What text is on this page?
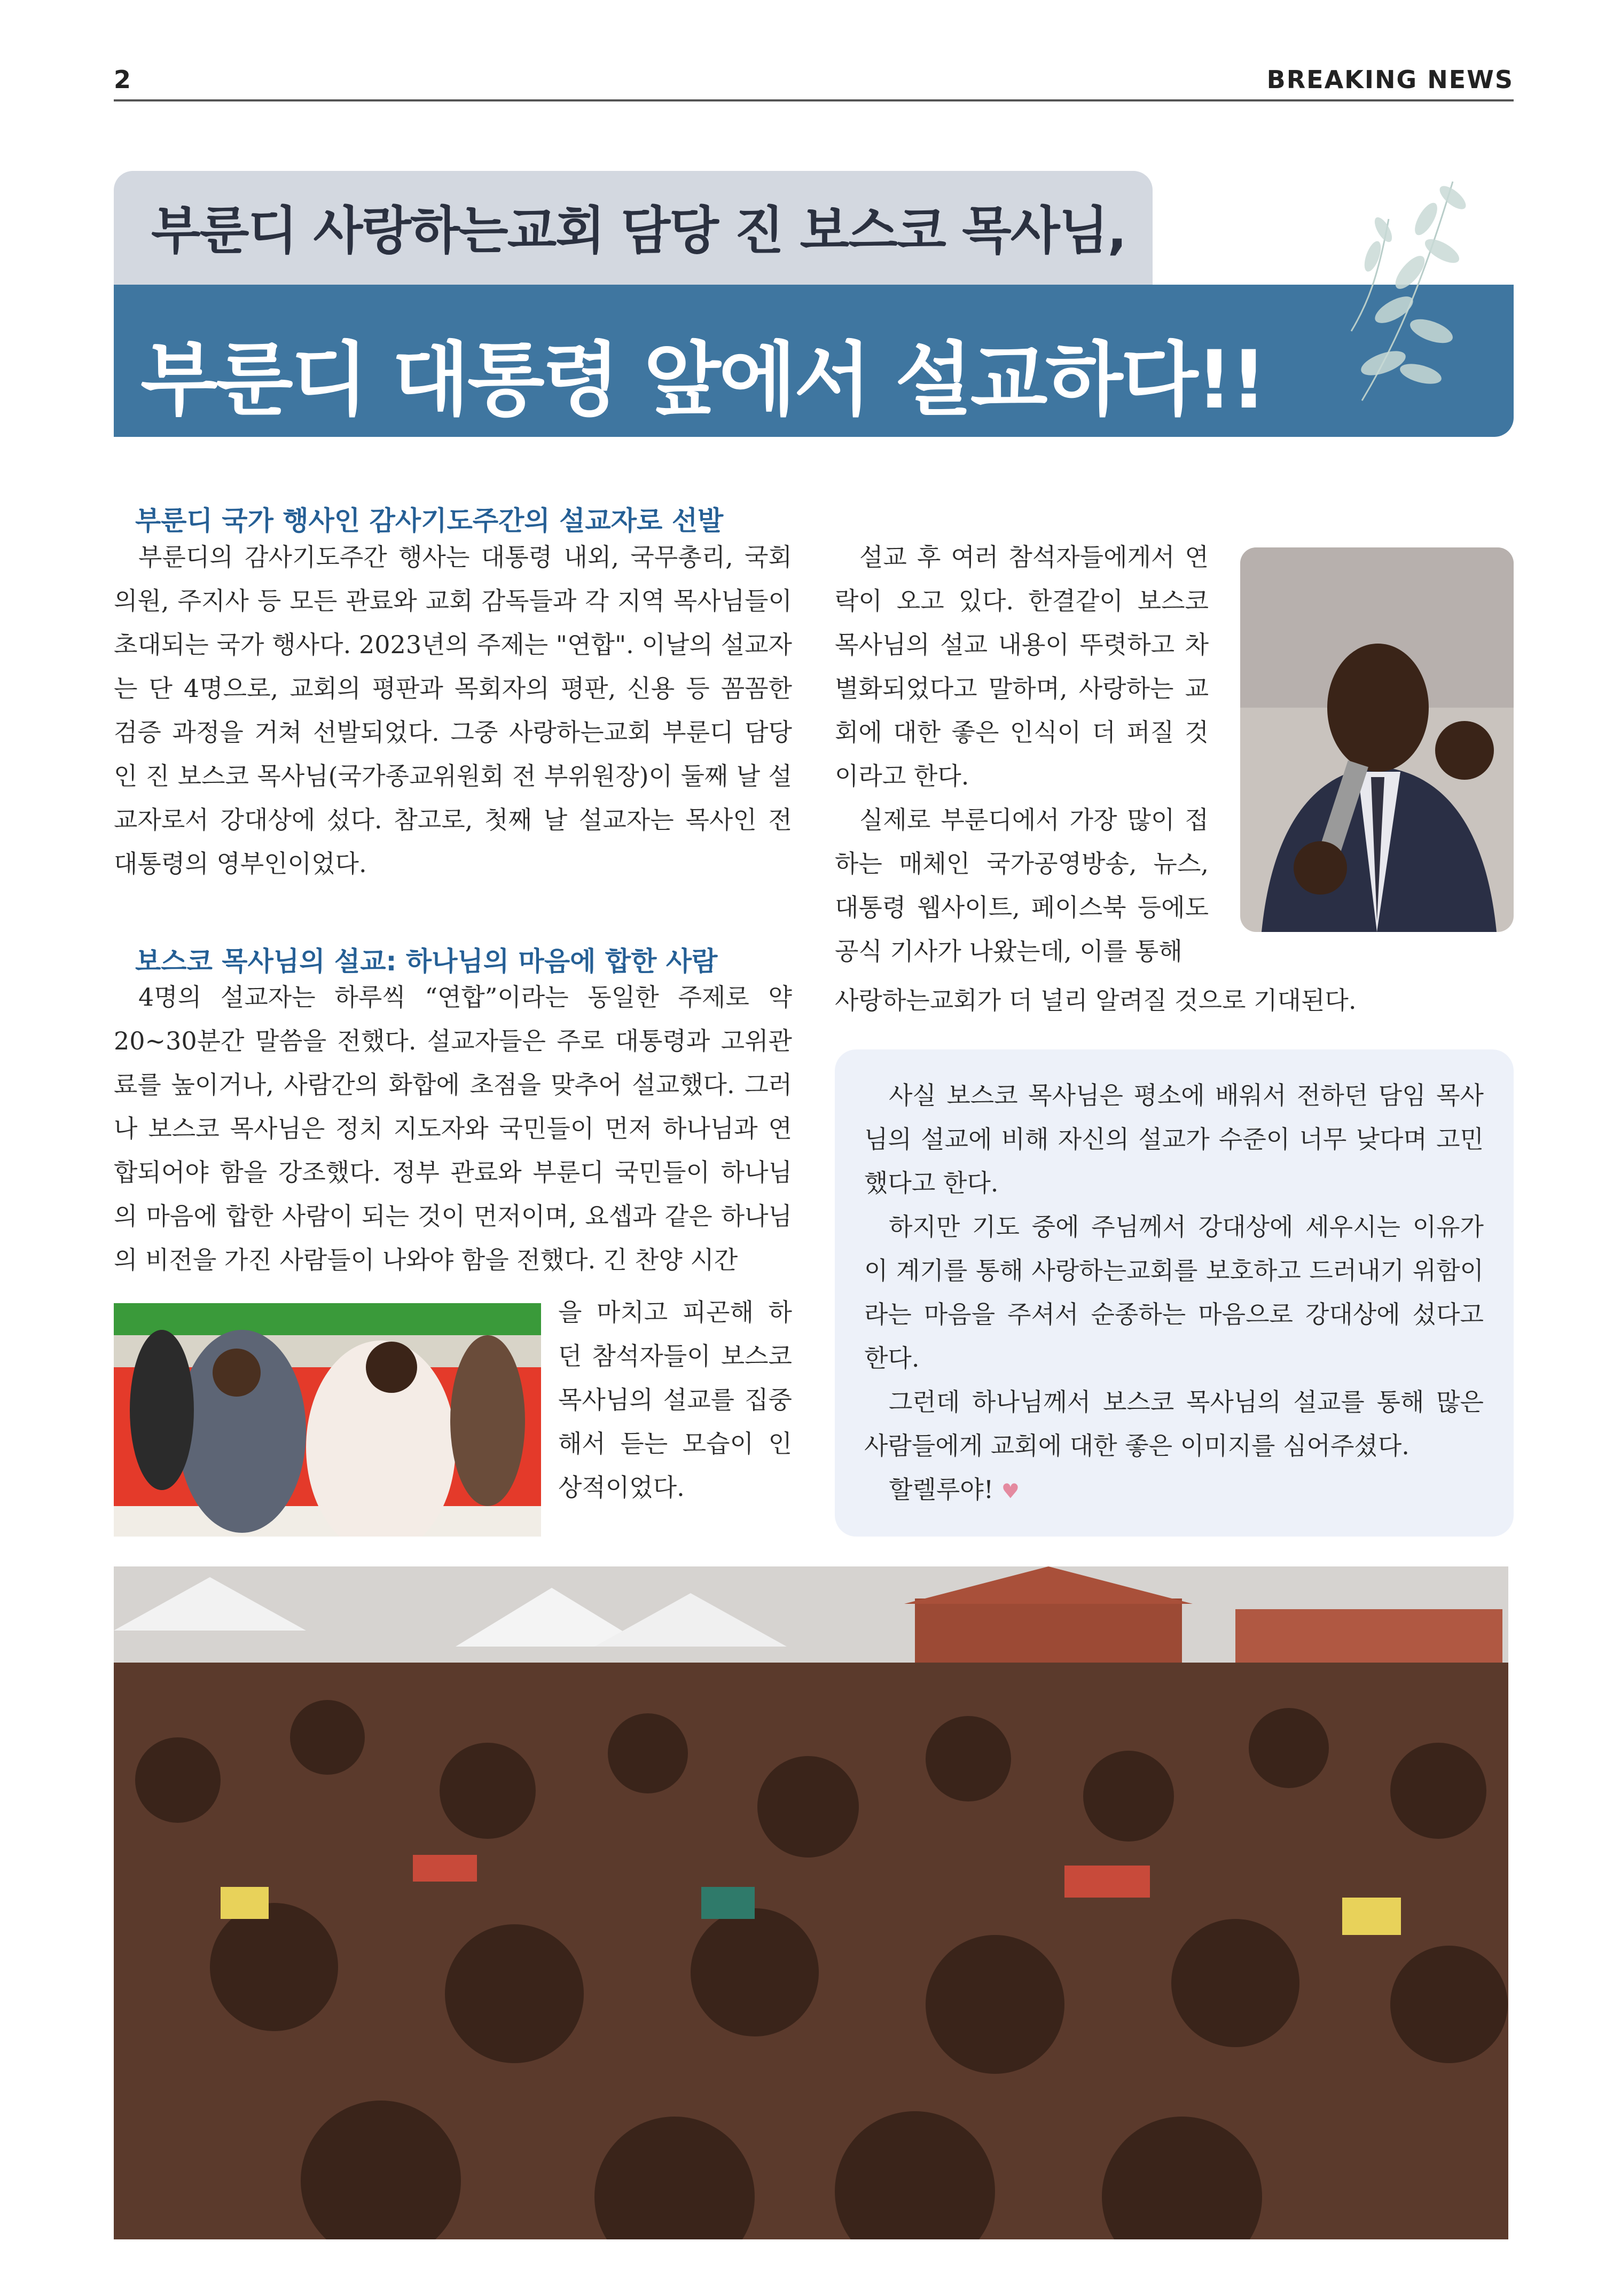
2	BREAKING NEWS
부룬디 사랑하는교회 담당 진 보스코 목사님,
부룬디 대통령 앞에서 설교하다!!
부룬디 국가 행사인 감사기도주간의 설교자로 선발

부룬디의 감사기도주간 행사는 대통령 내외, 국무총리, 국회의원, 주지사 등 모든 관료와 교회 감독들과 각 지역 목사님들이 초대되는 국가 행사다. 2023년의 주제는 "연합". 이날의 설교자는 단 4명으로, 교회의 평판과 목회자의 평판, 신용 등 꼼꼼한 검증 과정을 거쳐 선발되었다. 그중 사랑하는교회 부룬디 담당인 진 보스코 목사님(국가종교위원회 전 부위원장)이 둘째 날 설교자로서 강대상에 섰다. 참고로, 첫째 날 설교자는 목사인 전 대통령의 영부인이었다.

보스코 목사님의 설교: 하나님의 마음에 합한 사람

4명의 설교자는 하루씩 “연합”이라는 동일한 주제로 약 20~30분간 말씀을 전했다. 설교자들은 주로 대통령과 고위관료를 높이거나, 사람간의 화합에 초점을 맞추어 설교했다. 그러나 보스코 목사님은 정치 지도자와 국민들이 먼저 하나님과 연합되어야 함을 강조했다. 정부 관료와 부룬디 국민들이 하나님의 마음에 합한 사람이 되는 것이 먼저이며, 요셉과 같은 하나님의 비전을 가진 사람들이 나와야 함을 전했다. 긴 찬양 시간

을 마치고 피곤해 하던 참석자들이 보스코 목사님의 설교를 집중해서 듣는 모습이 인상적이었다.

설교 후 여러 참석자들에게서 연락이 오고 있다. 한결같이 보스코 목사님의 설교 내용이 뚜렷하고 차별화되었다고 말하며, 사랑하는 교회에 대한 좋은 인식이 더 퍼질 것이라고 한다.

실제로 부룬디에서 가장 많이 접하는 매체인 국가공영방송, 뉴스, 대통령 웹사이트, 페이스북 등에도 공식 기사가 나왔는데, 이를 통해

사랑하는교회가 더 널리 알려질 것으로 기대된다.

사실 보스코 목사님은 평소에 배워서 전하던 담임 목사님의 설교에 비해 자신의 설교가 수준이 너무 낮다며 고민했다고 한다.

하지만 기도 중에 주님께서 강대상에 세우시는 이유가 이 계기를 통해 사랑하는교회를 보호하고 드러내기 위함이라는 마음을 주셔서 순종하는 마음으로 강대상에 섰다고 한다.

그런데 하나님께서 보스코 목사님의 설교를 통해 많은 사람들에게 교회에 대한 좋은 이미지를 심어주셨다.

할렐루야! ♥
